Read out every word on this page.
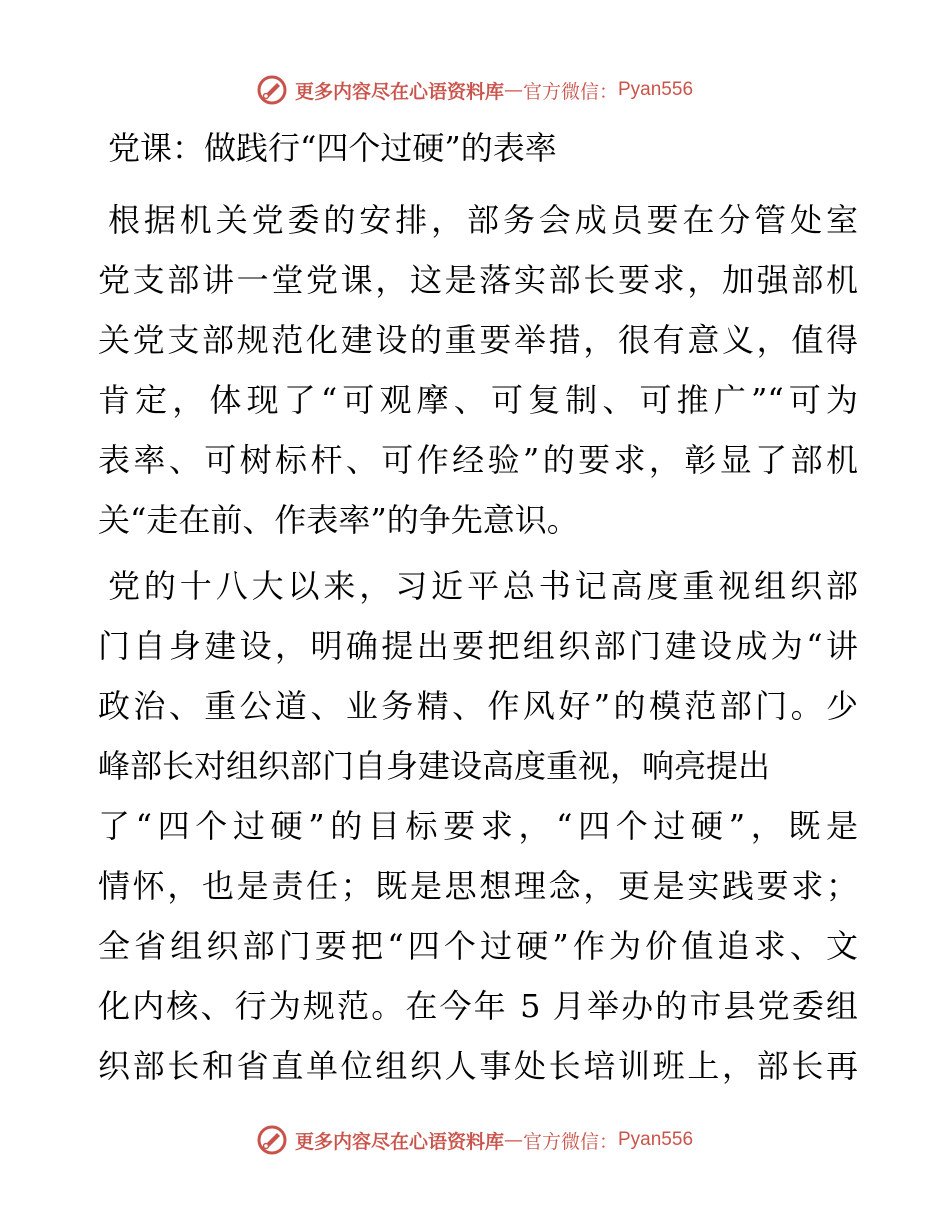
更多内容尽在心语资料库 — 官方微信： Pyan556
党课：做践行“四个过硬”的表率
根据机关党委的安排，部务会成员要在分管处室
党支部讲一堂党课，这是落实部长要求，加强部机
关党支部规范化建设的重要举措，很有意义，值得
肯定，体现了“可观摩、可复制、可推广”“可为
表率、可树标杆、可作经验”的要求，彰显了部机
关“走在前、作表率”的争先意识。
党的十八大以来，习近平总书记高度重视组织部
门自身建设，明确提出要把组织部门建设成为“讲
政治、重公道、业务精、作风好”的模范部门。少
峰部长对组织部门自身建设高度重视，响亮提出
了“四个过硬”的目标要求，“四个过硬”，既是
情怀，也是责任；既是思想理念，更是实践要求；
全省组织部门要把“四个过硬”作为价值追求、文
化内核、行为规范。在今年 5 月举办的市县党委组
织部长和省直单位组织人事处长培训班上，部长再
更多内容尽在心语资料库 — 官方微信： Pyan556
